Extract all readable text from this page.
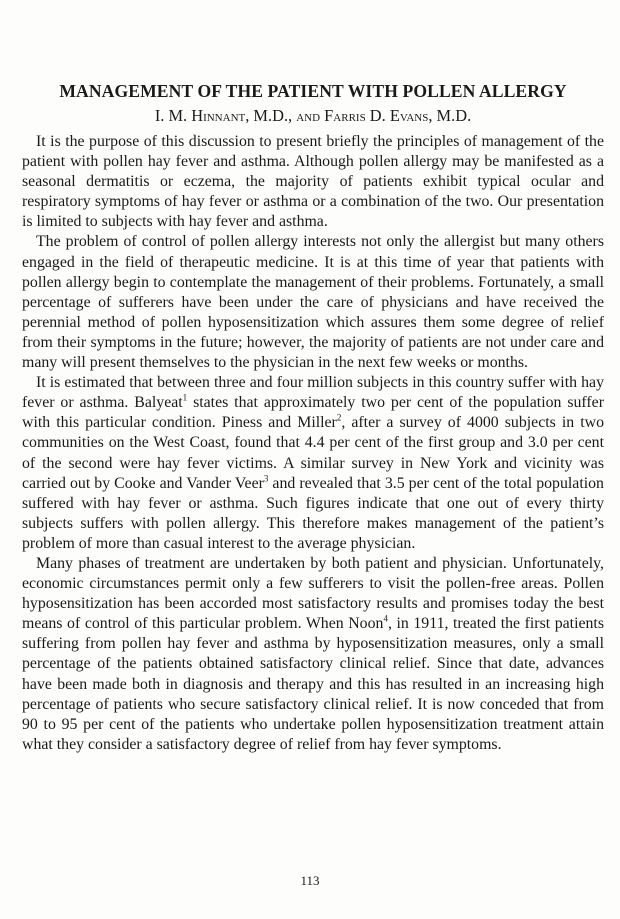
MANAGEMENT OF THE PATIENT WITH POLLEN ALLERGY
I. M. Hinnant, M.D., and Farris D. Evans, M.D.

It is the purpose of this discussion to present briefly the principles of management of the patient with pollen hay fever and asthma. Although pollen allergy may be manifested as a seasonal dermatitis or eczema, the majority of patients exhibit typical ocular and respiratory symptoms of hay fever or asthma or a combination of the two. Our presentation is limited to subjects with hay fever and asthma.

The problem of control of pollen allergy interests not only the allergist but many others engaged in the field of therapeutic medicine. It is at this time of year that patients with pollen allergy begin to contemplate the management of their problems. Fortunately, a small percentage of sufferers have been under the care of physicians and have received the perennial method of pollen hyposensitization which assures them some degree of relief from their symptoms in the future; however, the majority of patients are not under care and many will present themselves to the physician in the next few weeks or months.

It is estimated that between three and four million subjects in this country suffer with hay fever or asthma. Balyeat$^1$ states that approximately two per cent of the population suffer with this particular condition. Piness and Miller$^2$, after a survey of 4000 subjects in two communities on the West Coast, found that 4.4 per cent of the first group and 3.0 per cent of the second were hay fever victims. A similar survey in New York and vicinity was carried out by Cooke and Vander Veer$^3$ and revealed that 3.5 per cent of the total population suffered with hay fever or asthma. Such figures indicate that one out of every thirty subjects suffers with pollen allergy. This therefore makes management of the patient’s problem of more than casual interest to the average physician.

Many phases of treatment are undertaken by both patient and physician. Unfortunately, economic circumstances permit only a few sufferers to visit the pollen-free areas. Pollen hyposensitization has been accorded most satisfactory results and promises today the best means of control of this particular problem. When Noon$^4$, in 1911, treated the first patients suffering from pollen hay fever and asthma by hyposensitization measures, only a small percentage of the patients obtained satisfactory clinical relief. Since that date, advances have been made both in diagnosis and therapy and this has resulted in an increasing high percentage of patients who secure satisfactory clinical relief. It is now conceded that from 90 to 95 per cent of the patients who undertake pollen hyposensitization treatment attain what they consider a satisfactory degree of relief from hay fever symptoms.

113
